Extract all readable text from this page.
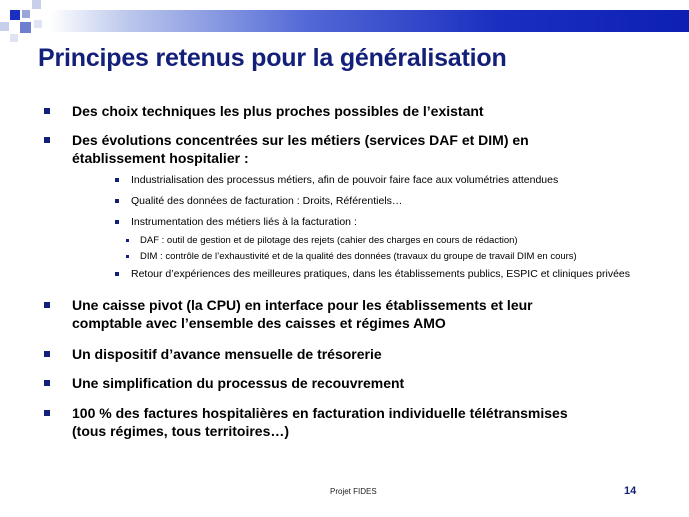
Principes retenus pour la généralisation
Des choix techniques les plus proches possibles de l’existant
Des évolutions concentrées sur les métiers (services DAF et DIM) en
établissement hospitalier :
Industrialisation des processus métiers, afin de pouvoir faire face aux volumétries attendues
Qualité des données de facturation : Droits, Référentiels…
Instrumentation des métiers liés à la facturation :
DAF : outil de gestion et de pilotage des rejets (cahier des charges en cours de rédaction)
DIM : contrôle de l’exhaustivité et de la qualité des données (travaux du groupe de travail DIM en cours)
Retour d’expériences des meilleures pratiques, dans les établissements publics, ESPIC et cliniques privées
Une caisse pivot (la CPU) en interface pour les établissements et leur
comptable avec l’ensemble des caisses et régimes AMO
Un dispositif d’avance mensuelle de trésorerie
Une simplification du processus de recouvrement
100 % des factures hospitalières en facturation individuelle télétransmises
(tous régimes, tous territoires…)
Projet FIDES	14
